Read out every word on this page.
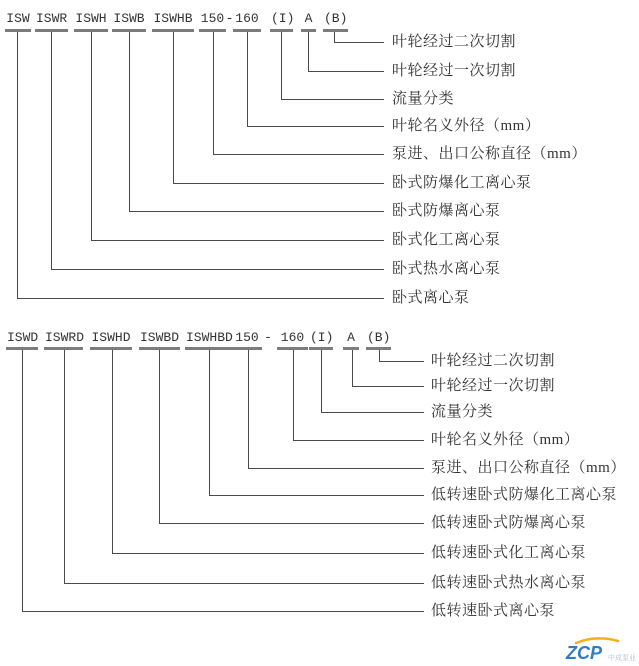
ISW ISWR ISWH ISWB ISWHB 150 - 160 (I) A (B)
叶轮经过二次切割
叶轮经过一次切割
流量分类
叶轮名义外径（mm）
泵进、出口公称直径（mm）
卧式防爆化工离心泵
卧式防爆离心泵
卧式化工离心泵
卧式热水离心泵
卧式离心泵
ISWD ISWRD ISWHD ISWBD ISWHBD 150 - 160 (I) A (B)
叶轮经过二次切割
叶轮经过一次切割
流量分类
叶轮名义外径（mm）
泵进、出口公称直径（mm）
低转速卧式防爆化工离心泵
低转速卧式防爆离心泵
低转速卧式化工离心泵
低转速卧式热水离心泵
低转速卧式离心泵
ZCP 中成泵业
